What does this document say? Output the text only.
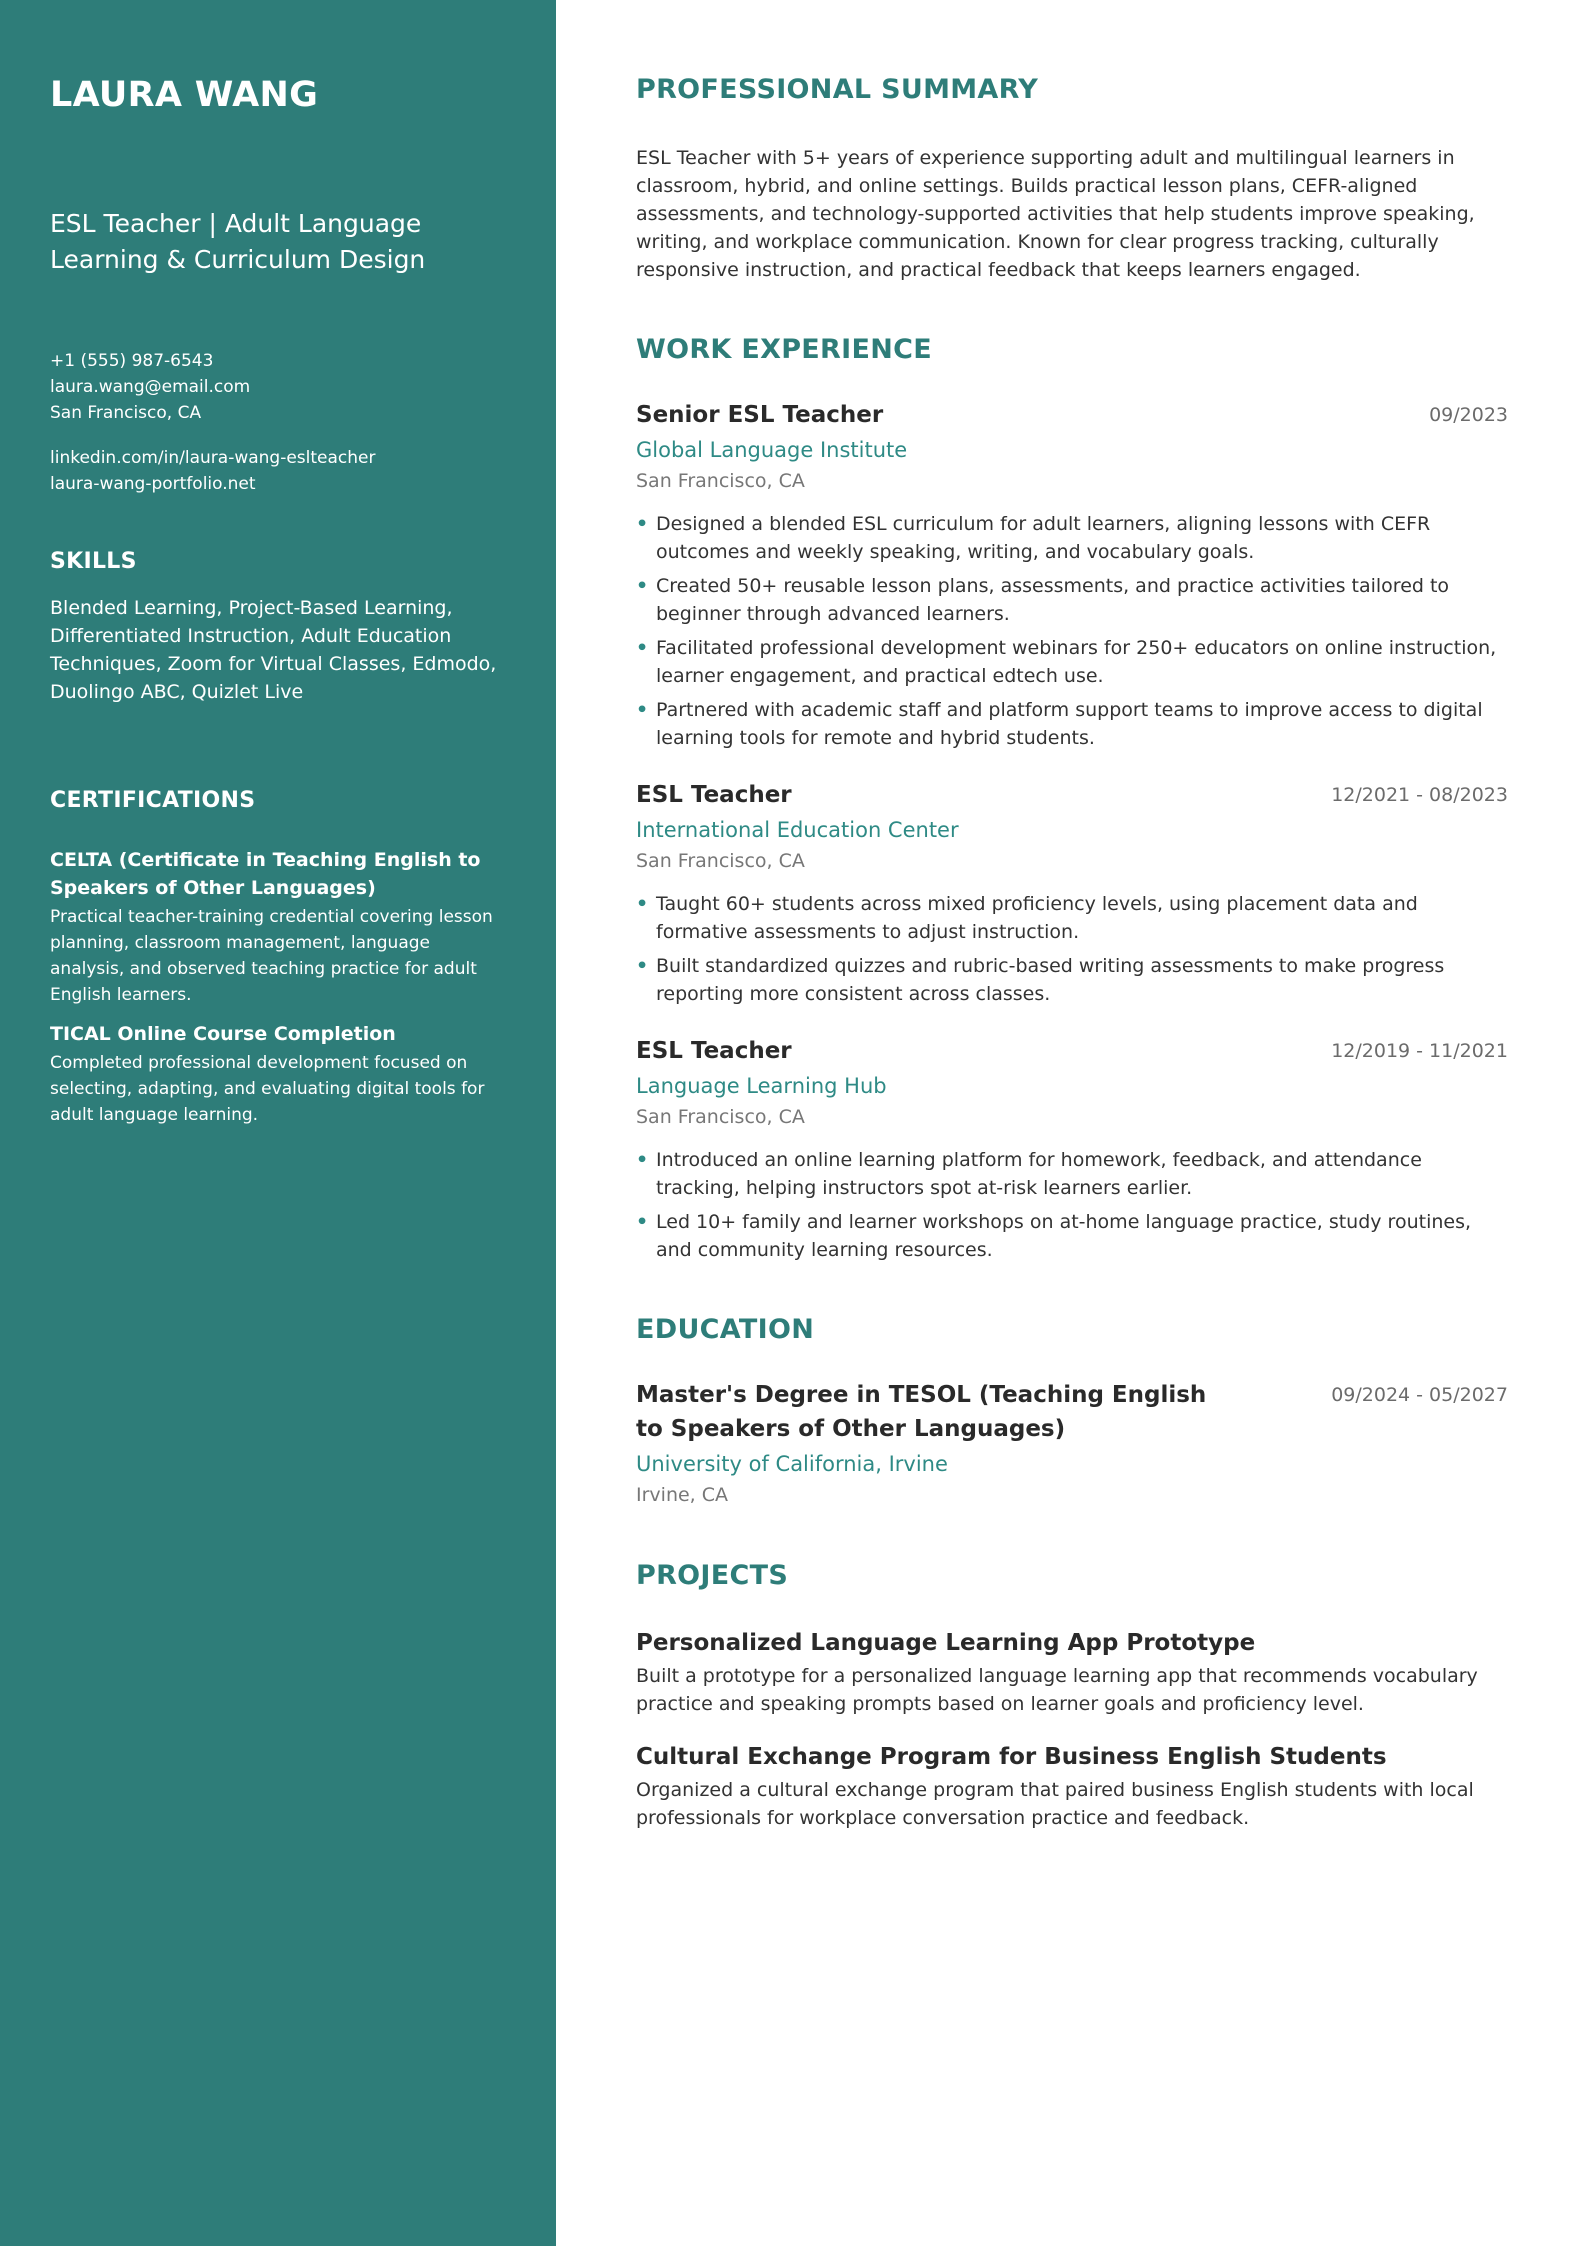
LAURA WANG
ESL Teacher | Adult Language Learning & Curriculum Design
+1 (555) 987-6543
laura.wang@email.com
San Francisco, CA
linkedin.com/in/laura-wang-eslteacher
laura-wang-portfolio.net
SKILLS
Blended Learning, Project-Based Learning, Differentiated Instruction, Adult Education Techniques, Zoom for Virtual Classes, Edmodo, Duolingo ABC, Quizlet Live
CERTIFICATIONS
CELTA (Certificate in Teaching English to Speakers of Other Languages)
Practical teacher-training credential covering lesson planning, classroom management, language analysis, and observed teaching practice for adult English learners.
TICAL Online Course Completion
Completed professional development focused on selecting, adapting, and evaluating digital tools for adult language learning.
PROFESSIONAL SUMMARY

ESL Teacher with 5+ years of experience supporting adult and multilingual learners in classroom, hybrid, and online settings. Builds practical lesson plans, CEFR-aligned assessments, and technology-supported activities that help students improve speaking, writing, and workplace communication. Known for clear progress tracking, culturally responsive instruction, and practical feedback that keeps learners engaged.

WORK EXPERIENCE
Senior ESL Teacher	09/2023
Global Language Institute
San Francisco, CA
• Designed a blended ESL curriculum for adult learners, aligning lessons with CEFR outcomes and weekly speaking, writing, and vocabulary goals.
• Created 50+ reusable lesson plans, assessments, and practice activities tailored to beginner through advanced learners.
• Facilitated professional development webinars for 250+ educators on online instruction, learner engagement, and practical edtech use.
• Partnered with academic staff and platform support teams to improve access to digital learning tools for remote and hybrid students.
ESL Teacher	12/2021 - 08/2023
International Education Center
San Francisco, CA
• Taught 60+ students across mixed proficiency levels, using placement data and formative assessments to adjust instruction.
• Built standardized quizzes and rubric-based writing assessments to make progress reporting more consistent across classes.
ESL Teacher	12/2019 - 11/2021
Language Learning Hub
San Francisco, CA
• Introduced an online learning platform for homework, feedback, and attendance tracking, helping instructors spot at-risk learners earlier.
• Led 10+ family and learner workshops on at-home language practice, study routines, and community learning resources.
EDUCATION
Master's Degree in TESOL (Teaching English to Speakers of Other Languages)
09/2024 - 05/2027
University of California, Irvine
Irvine, CA
PROJECTS
Personalized Language Learning App Prototype
Built a prototype for a personalized language learning app that recommends vocabulary practice and speaking prompts based on learner goals and proficiency level.
Cultural Exchange Program for Business English Students
Organized a cultural exchange program that paired business English students with local professionals for workplace conversation practice and feedback.
